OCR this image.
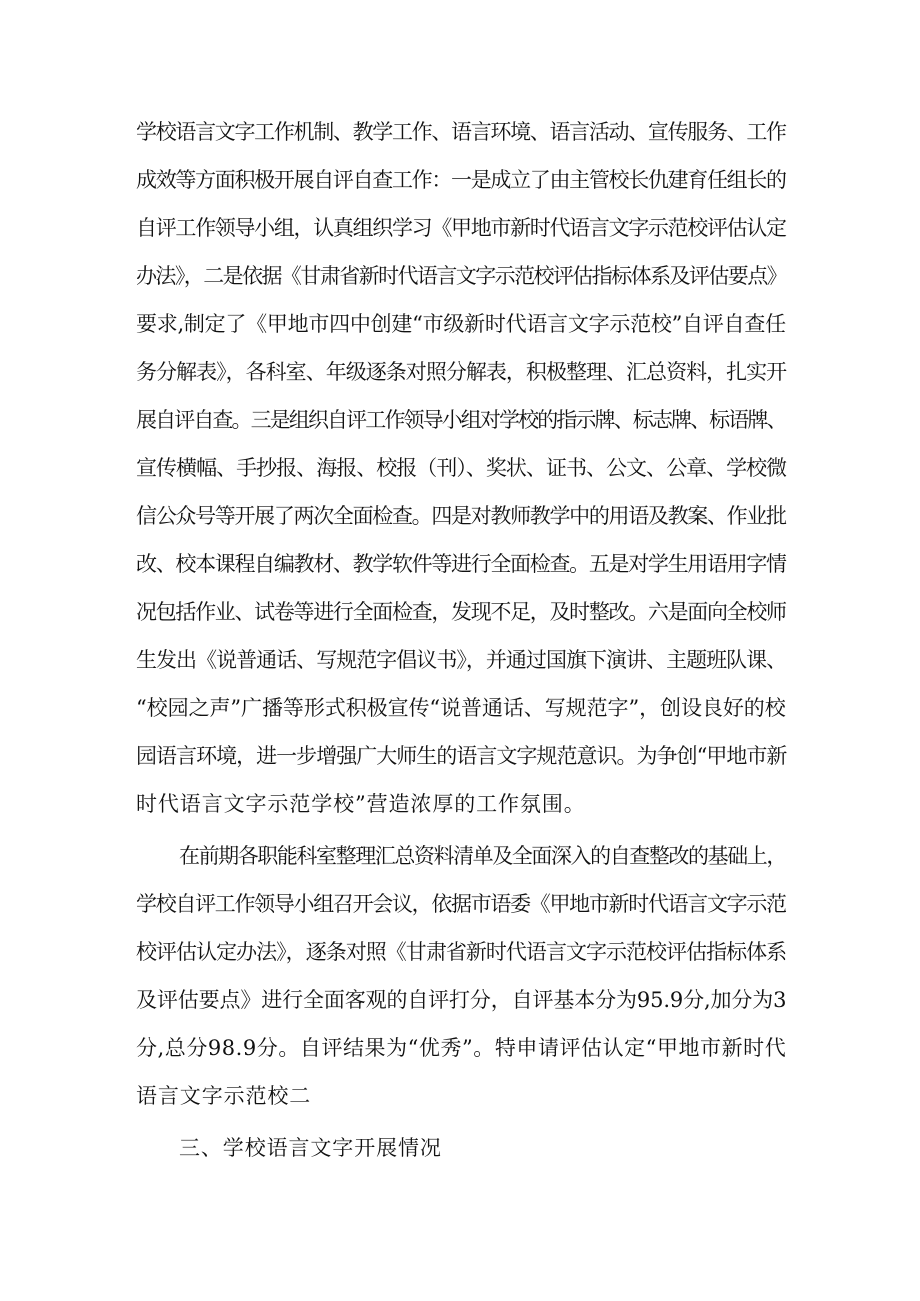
学校语言文字工作机制、教学工作、语言环境、语言活动、宣传服务、工作
成效等方面积极开展自评自查工作：一是成立了由主管校长仇建育任组长的
自评工作领导小组，认真组织学习《甲地市新时代语言文字示范校评估认定
办法》，二是依据《甘肃省新时代语言文字示范校评估指标体系及评估要点》
要求,制定了《甲地市四中创建“市级新时代语言文字示范校”自评自查任
务分解表》，各科室、年级逐条对照分解表，积极整理、汇总资料，扎实开
展自评自查。三是组织自评工作领导小组对学校的指示牌、标志牌、标语牌、
宣传横幅、手抄报、海报、校报（刊）、奖状、证书、公文、公章、学校微
信公众号等开展了两次全面检查。四是对教师教学中的用语及教案、作业批
改、校本课程自编教材、教学软件等进行全面检查。五是对学生用语用字情
况包括作业、试卷等进行全面检查，发现不足，及时整改。六是面向全校师
生发出《说普通话、写规范字倡议书》，并通过国旗下演讲、主题班队课、
“校园之声”广播等形式积极宣传“说普通话、写规范字”，创设良好的校
园语言环境，进一步增强广大师生的语言文字规范意识。为争创“甲地市新
时代语言文字示范学校”营造浓厚的工作氛围。
在前期各职能科室整理汇总资料清单及全面深入的自查整改的基础上，
学校自评工作领导小组召开会议，依据市语委《甲地市新时代语言文字示范
校评估认定办法》，逐条对照《甘肃省新时代语言文字示范校评估指标体系
及评估要点》进行全面客观的自评打分，自评基本分为95.9分,加分为3
分,总分98.9分。自评结果为“优秀”。特申请评估认定“甲地市新时代
语言文字示范校二
三、学校语言文字开展情况
